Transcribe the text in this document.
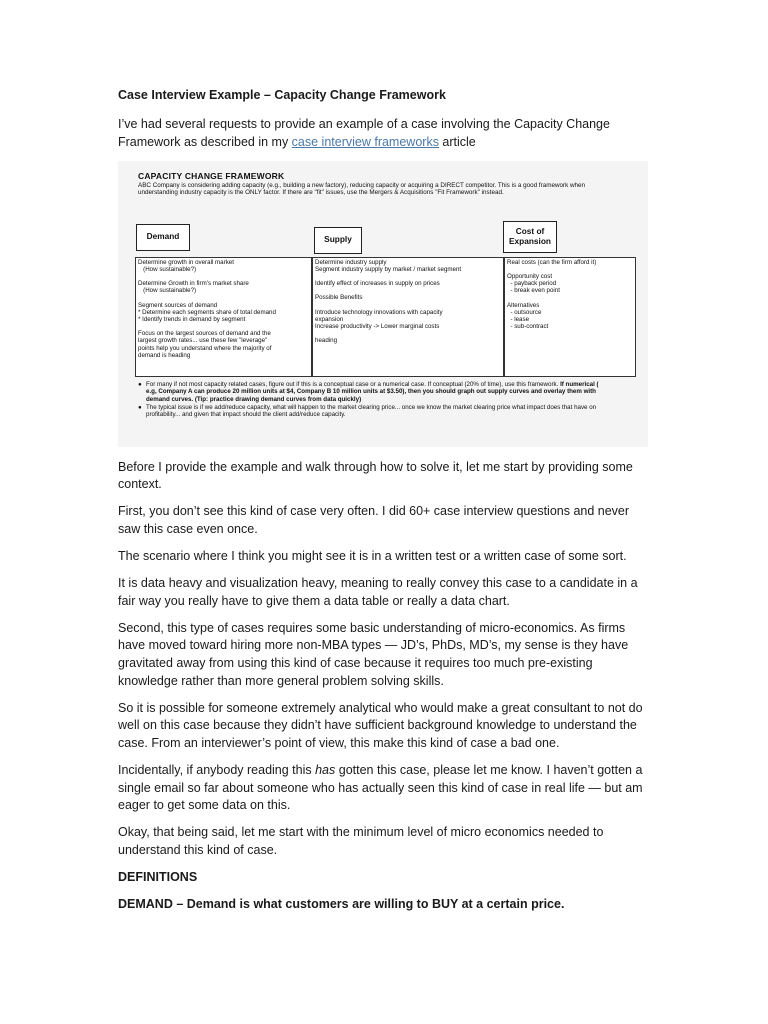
Case Interview Example – Capacity Change Framework

I’ve had several requests to provide an example of a case involving the Capacity Change Framework as described in my case interview frameworks article

CAPACITY CHANGE FRAMEWORK
ABC Company is considering adding capacity (e.g., building a new factory), reducing capacity or acquiring a DIRECT competitor. This is a good framework when understanding industry capacity is the ONLY factor. If there are "fit" issues, use the Mergers & Acquisitions "Fit Framework" instead.
Demand	Supply
Cost of
Expansion
Determine growth in overall market
(How sustainable?)
Determine Growth in firm's market share
(How sustainable?)
Segment sources of demand
* Determine each segments share of total demand
* Identify trends in demand by segment
Focus on the largest sources of demand and the
largest growth rates... use these few "leverage"
points help you understand where the majority of
demand is heading
Determine industry supply
Segment industry supply by market / market segment
Identify effect of increases in supply on prices
Possible Benefits
Introduce technology innovations with capacity
expansion
Increase productivity -> Lower marginal costs
heading
Real costs (can the firm afford it)
Opportunity cost
- payback period
- break even point
Alternatives
- outsource
- lease
- sub-contract
● For many if not most capacity related cases, figure out if this is a conceptual case or a numerical case. If conceptual (20% of time), use this framework. If numerical ( e.g, Company A can produce 20 million units at $4, Company B 10 million units at $3.50), then you should graph out supply curves and overlay them with demand curves. (Tip: practice drawing demand curves from data quickly)
● The typical issue is if we add/reduce capacity, what will happen to the market clearing price... once we know the market clearing price what impact does that have on profitability... and given that impact should the client add/reduce capacity.

Before I provide the example and walk through how to solve it, let me start by providing some context.

First, you don’t see this kind of case very often. I did 60+ case interview questions and never saw this case even once.

The scenario where I think you might see it is in a written test or a written case of some sort.

It is data heavy and visualization heavy, meaning to really convey this case to a candidate in a fair way you really have to give them a data table or really a data chart.

Second, this type of cases requires some basic understanding of micro-economics. As firms have moved toward hiring more non-MBA types — JD’s, PhDs, MD’s, my sense is they have gravitated away from using this kind of case because it requires too much pre-existing knowledge rather than more general problem solving skills.

So it is possible for someone extremely analytical who would make a great consultant to not do well on this case because they didn’t have sufficient background knowledge to understand the case. From an interviewer’s point of view, this make this kind of case a bad one.

Incidentally, if anybody reading this has gotten this case, please let me know. I haven’t gotten a single email so far about someone who has actually seen this kind of case in real life — but am eager to get some data on this.

Okay, that being said, let me start with the minimum level of micro economics needed to understand this kind of case.

DEFINITIONS

DEMAND – Demand is what customers are willing to BUY at a certain price.
